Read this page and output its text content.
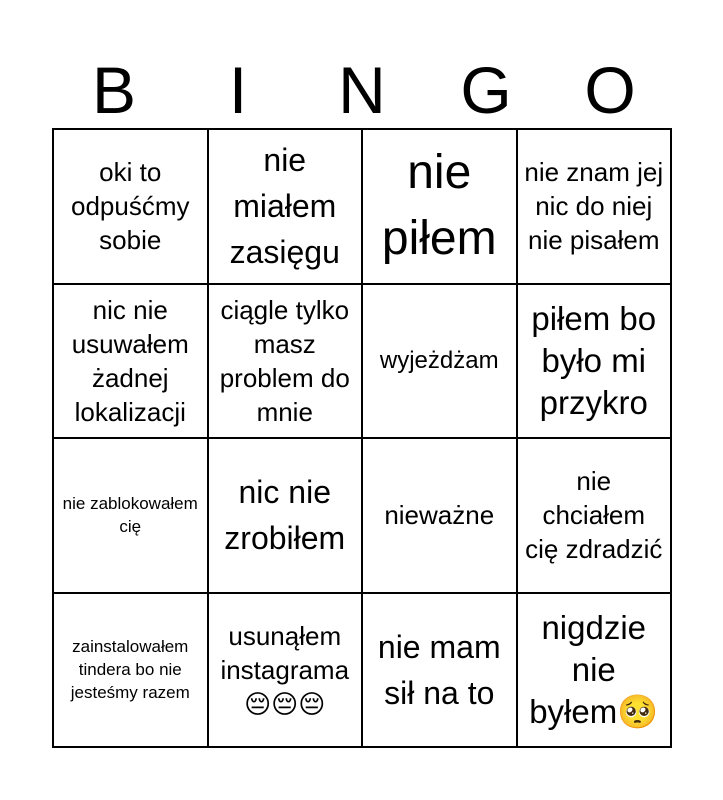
B	I	N	G	O
oki to odpuśćmy sobie
nie miałem zasięgu
nie piłem
nie znam jej nic do niej nie pisałem
nic nie usuwałem żadnej lokalizacji
ciągle tylko masz problem do mnie
wyjeżdżam
piłem bo było mi przykro
nie zablokowałem cię
nic nie zrobiłem
nieważne
nie chciałem cię zdradzić
zainstalowałem tindera bo nie jesteśmy razem
usunąłem instagrama 😔😔😔
nie mam sił na to
nigdzie nie byłem🥺
